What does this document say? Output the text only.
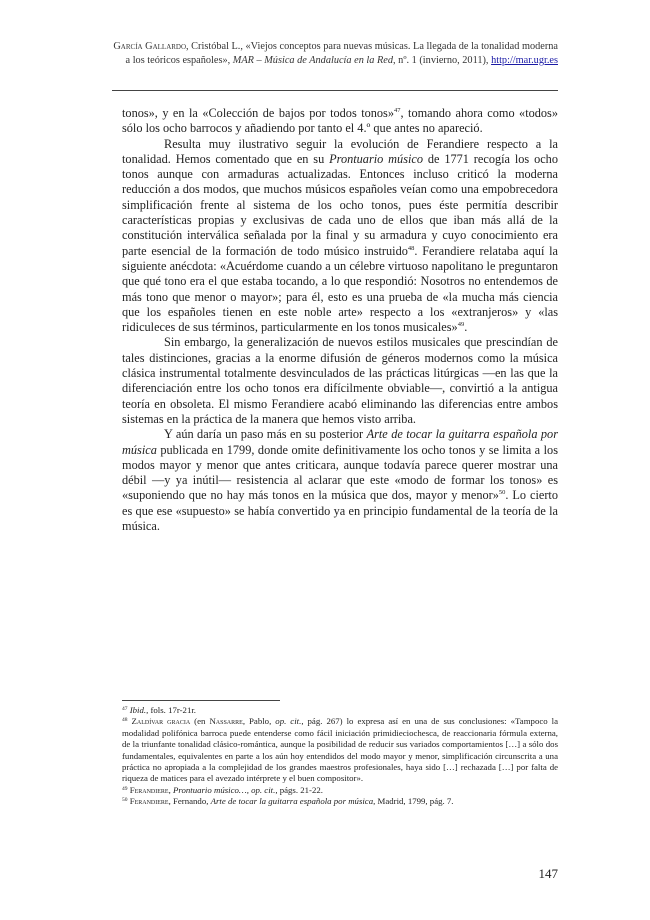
García Gallardo, Cristóbal L., «Viejos conceptos para nuevas músicas. La llegada de la tonalidad moderna a los teóricos españoles», MAR – Música de Andalucía en la Red, nº. 1 (invierno, 2011), http://mar.ugr.es

tonos», y en la «Colección de bajos por todos tonos»$^{47}$, tomando ahora como «todos» sólo los ocho barrocos y añadiendo por tanto el 4.º que antes no apareció.

Resulta muy ilustrativo seguir la evolución de Ferandiere respecto a la tonalidad. Hemos comentado que en su Prontuario músico de 1771 recogía los ocho tonos aunque con armaduras actualizadas. Entonces incluso criticó la moderna reducción a dos modos, que muchos músicos españoles veían como una empobrecedora simplificación frente al sistema de los ocho tonos, pues éste permitía describir características propias y exclusivas de cada uno de ellos que iban más allá de la constitución interválica señalada por la final y su armadura y cuyo conocimiento era parte esencial de la formación de todo músico instruido$^{48}$. Ferandiere relataba aquí la siguiente anécdota: «Acuérdome cuando a un célebre virtuoso napolitano le preguntaron que qué tono era el que estaba tocando, a lo que respondió: Nosotros no entendemos de más tono que menor o mayor»; para él, esto es una prueba de «la mucha más ciencia que los españoles tienen en este noble arte» respecto a los «extranjeros» y «las ridiculeces de sus términos, particularmente en los tonos musicales»$^{49}$.

Sin embargo, la generalización de nuevos estilos musicales que prescindían de tales distinciones, gracias a la enorme difusión de géneros modernos como la música clásica instrumental totalmente desvinculados de las prácticas litúrgicas —en las que la diferenciación entre los ocho tonos era difícilmente obviable—, convirtió a la antigua teoría en obsoleta. El mismo Ferandiere acabó eliminando las diferencias entre ambos sistemas en la práctica de la manera que hemos visto arriba.

Y aún daría un paso más en su posterior Arte de tocar la guitarra española por música publicada en 1799, donde omite definitivamente los ocho tonos y se limita a los modos mayor y menor que antes criticara, aunque todavía parece querer mostrar una débil —y ya inútil— resistencia al aclarar que este «modo de formar los tonos» es «suponiendo que no hay más tonos en la música que dos, mayor y menor»$^{50}$. Lo cierto es que ese «supuesto» se había convertido ya en principio fundamental de la teoría de la música.

$^{47}$ Ibid., fols. 17r-21r.

$^{48}$ Zaldívar gracia (en Nassarre, Pablo, op. cit., pág. 267) lo expresa así en una de sus conclusiones: «Tampoco la modalidad polifónica barroca puede entenderse como fácil iniciación primidieciochesca, de reaccionaria fórmula externa, de la triunfante tonalidad clásico-romántica, aunque la posibilidad de reducir sus variados comportamientos […] a sólo dos fundamentales, equivalentes en parte a los aún hoy entendidos del modo mayor y menor, simplificación circunscrita a una práctica no apropiada a la complejidad de los grandes maestros profesionales, haya sido […] rechazada […] por falta de riqueza de matices para el avezado intérprete y el buen compositor».

$^{49}$ Ferandiere, Prontuario músico…, op. cit., págs. 21-22.

$^{50}$ Ferandiere, Fernando, Arte de tocar la guitarra española por música, Madrid, 1799, pág. 7.

147
